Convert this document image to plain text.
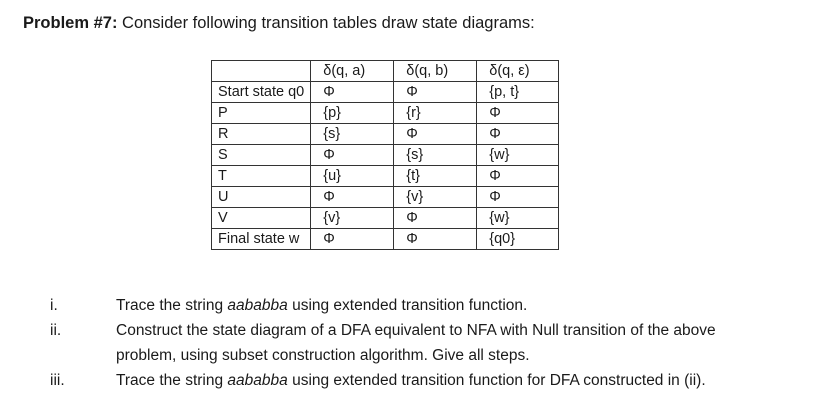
Problem #7: Consider following transition tables draw state diagrams:
	δ(q, a)	δ(q, b)	δ(q, ε)
Start state q0	Φ	Φ	{p, t}
P	{p}	{r}	Φ
R	{s}	Φ	Φ
S	Φ	{s}	{w}
T	{u}	{t}	Φ
U	Φ	{v}	Φ
V	{v}	Φ	{w}
Final state w	Φ	Φ	{q0}
i.	Trace the string aababba using extended transition function.
ii.	Construct the state diagram of a DFA equivalent to NFA with Null transition of the above
problem, using subset construction algorithm. Give all steps.
iii.	Trace the string aababba using extended transition function for DFA constructed in (ii).
